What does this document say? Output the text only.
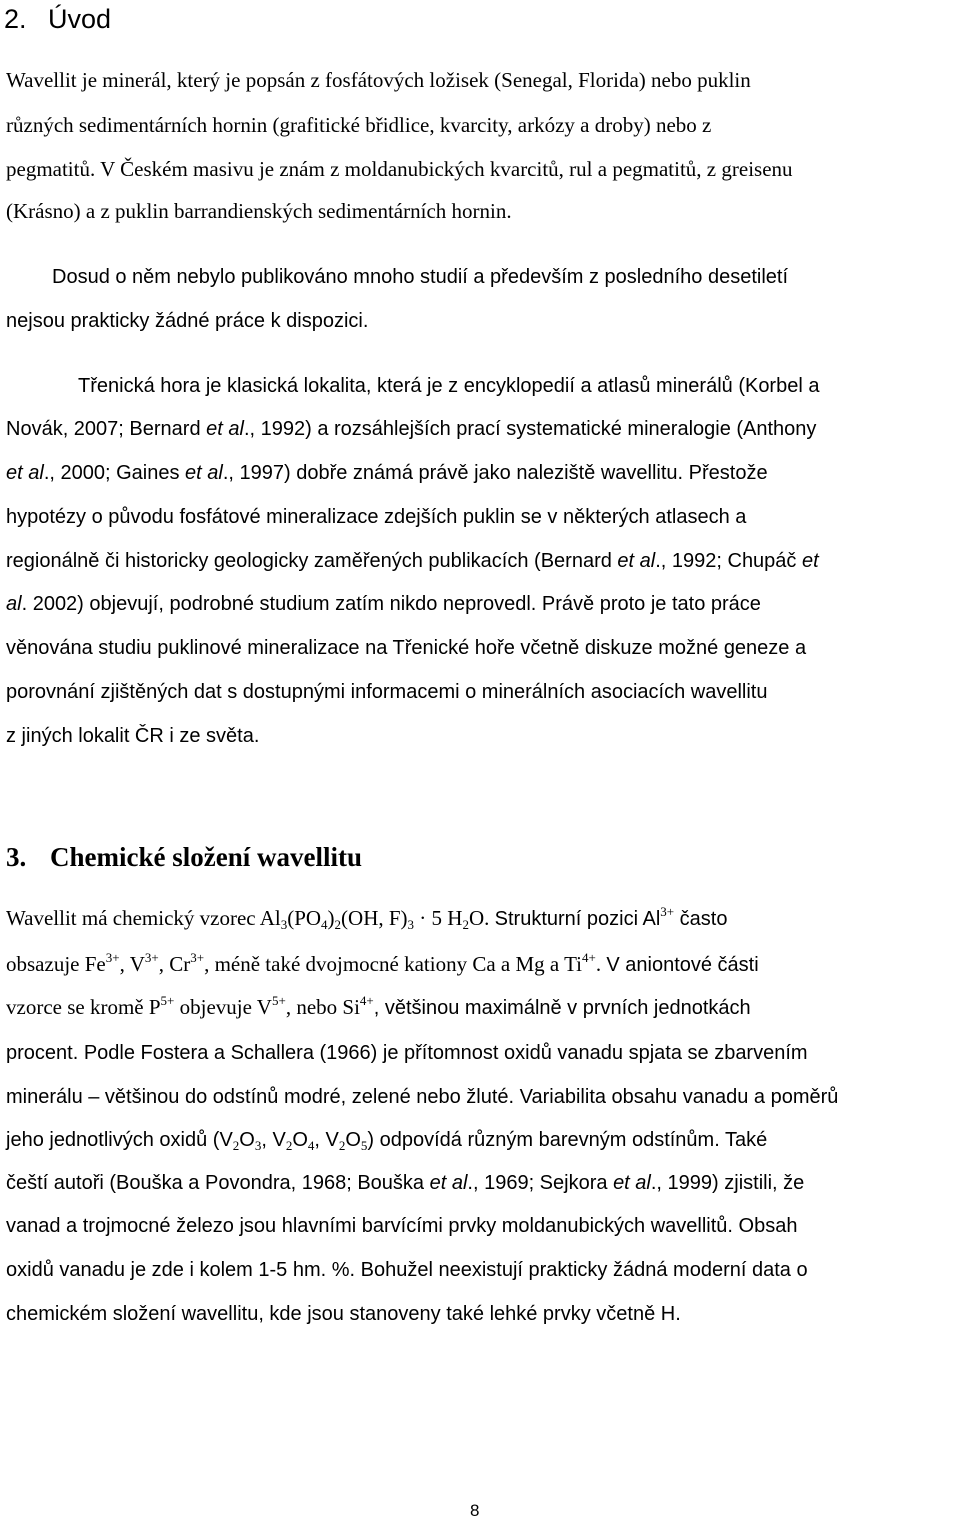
2. Úvod
Wavellit je minerál, který je popsán z fosfátových ložisek (Senegal, Florida) nebo puklin
různých sedimentárních hornin (grafitické břidlice, kvarcity, arkózy a droby) nebo z
pegmatitů. V Českém masivu je znám z moldanubických kvarcitů, rul a pegmatitů, z greisenu
(Krásno) a z puklin barrandienských sedimentárních hornin.
Dosud o něm nebylo publikováno mnoho studií a především z posledního desetiletí
nejsou prakticky žádné práce k dispozici.
Třenická hora je klasická lokalita, která je z encyklopedií a atlasů minerálů (Korbel a
Novák, 2007; Bernard et al., 1992) a rozsáhlejších prací systematické mineralogie (Anthony
et al., 2000; Gaines et al., 1997) dobře známá právě jako naleziště wavellitu. Přestože
hypotézy o původu fosfátové mineralizace zdejších puklin se v některých atlasech a
regionálně či historicky geologicky zaměřených publikacích (Bernard et al., 1992; Chupáč et
al. 2002) objevují, podrobné studium zatím nikdo neprovedl. Právě proto je tato práce
věnována studiu puklinové mineralizace na Třenické hoře včetně diskuze možné geneze a
porovnání zjištěných dat s dostupnými informacemi o minerálních asociacích wavellitu
z jiných lokalit ČR i ze světa.
3. Chemické složení wavellitu
Wavellit má chemický vzorec $Al_3(PO_4)_2(OH$, $F)_3 \cdot 5$ $H_2O$. Strukturní pozici $Al^{3+}$ často
obsazuje $Fe^{3+}$, $V^{3+}$, $Cr^{3+}$, méně také dvojmocné kationy Ca a Mg a $Ti^{4+}$. V aniontové části
vzorce se kromě $P^{5+}$ objevuje $V^{5+}$, nebo $Si^{4+}$, většinou maximálně v prvních jednotkách
procent. Podle Fostera a Schallera (1966) je přítomnost oxidů vanadu spjata se zbarvením
minerálu – většinou do odstínů modré, zelené nebo žluté. Variabilita obsahu vanadu a poměrů
jeho jednotlivých oxidů ($V_2O_3$, $V_2O_4$, $V_2O_5$) odpovídá různým barevným odstínům. Také
čeští autoři (Bouška a Povondra, 1968; Bouška et al., 1969; Sejkora et al., 1999) zjistili, že
vanad a trojmocné železo jsou hlavními barvícími prvky moldanubických wavellitů. Obsah
oxidů vanadu je zde i kolem 1-5 hm. %. Bohužel neexistují prakticky žádná moderní data o
chemickém složení wavellitu, kde jsou stanoveny také lehké prvky včetně H.
8
